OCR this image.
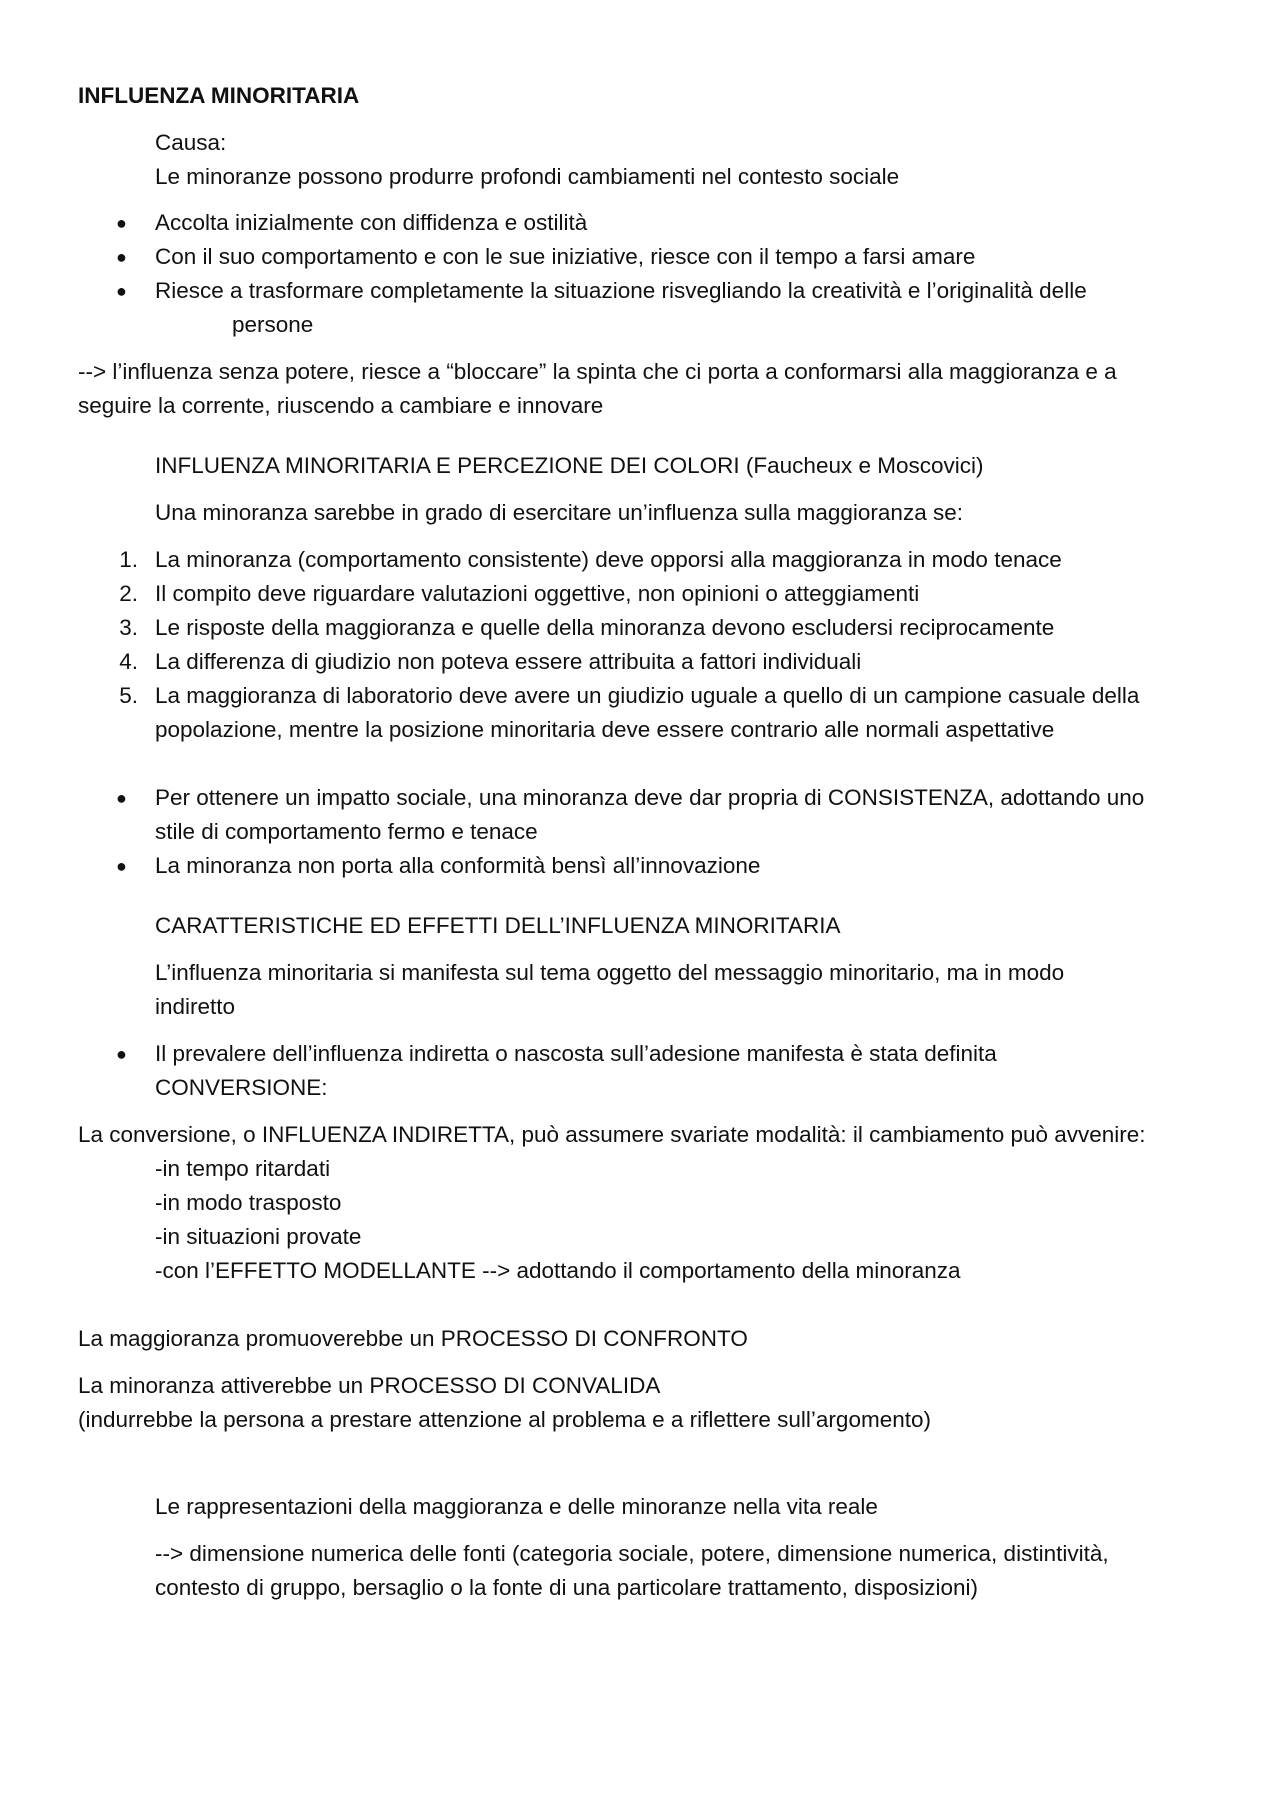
INFLUENZA MINORITARIA
Causa:
Le minoranze possono produrre profondi cambiamenti nel contesto sociale
● Accolta inizialmente con diffidenza e ostilità
● Con il suo comportamento e con le sue iniziative, riesce con il tempo a farsi amare
● Riesce a trasformare completamente la situazione risvegliando la creatività e l’originalità delle
persone
--> l’influenza senza potere, riesce a “bloccare” la spinta che ci porta a conformarsi alla maggioranza e a
seguire la corrente, riuscendo a cambiare e innovare
INFLUENZA MINORITARIA E PERCEZIONE DEI COLORI (Faucheux e Moscovici)
Una minoranza sarebbe in grado di esercitare un’influenza sulla maggioranza se:
1. La minoranza (comportamento consistente) deve opporsi alla maggioranza in modo tenace
2. Il compito deve riguardare valutazioni oggettive, non opinioni o atteggiamenti
3. Le risposte della maggioranza e quelle della minoranza devono escludersi reciprocamente
4. La differenza di giudizio non poteva essere attribuita a fattori individuali
5. La maggioranza di laboratorio deve avere un giudizio uguale a quello di un campione casuale della
popolazione, mentre la posizione minoritaria deve essere contrario alle normali aspettative
● Per ottenere un impatto sociale, una minoranza deve dar propria di CONSISTENZA, adottando uno
stile di comportamento fermo e tenace
● La minoranza non porta alla conformità bensì all’innovazione
CARATTERISTICHE ED EFFETTI DELL’INFLUENZA MINORITARIA
L’influenza minoritaria si manifesta sul tema oggetto del messaggio minoritario, ma in modo
indiretto
● Il prevalere dell’influenza indiretta o nascosta sull’adesione manifesta è stata definita
CONVERSIONE:
La conversione, o INFLUENZA INDIRETTA, può assumere svariate modalità: il cambiamento può avvenire:
-in tempo ritardati
-in modo trasposto
-in situazioni provate
-con l’EFFETTO MODELLANTE --> adottando il comportamento della minoranza
La maggioranza promuoverebbe un PROCESSO DI CONFRONTO
La minoranza attiverebbe un PROCESSO DI CONVALIDA
(indurrebbe la persona a prestare attenzione al problema e a riflettere sull’argomento)
Le rappresentazioni della maggioranza e delle minoranze nella vita reale
--> dimensione numerica delle fonti (categoria sociale, potere, dimensione numerica, distintività,
contesto di gruppo, bersaglio o la fonte di una particolare trattamento, disposizioni)
